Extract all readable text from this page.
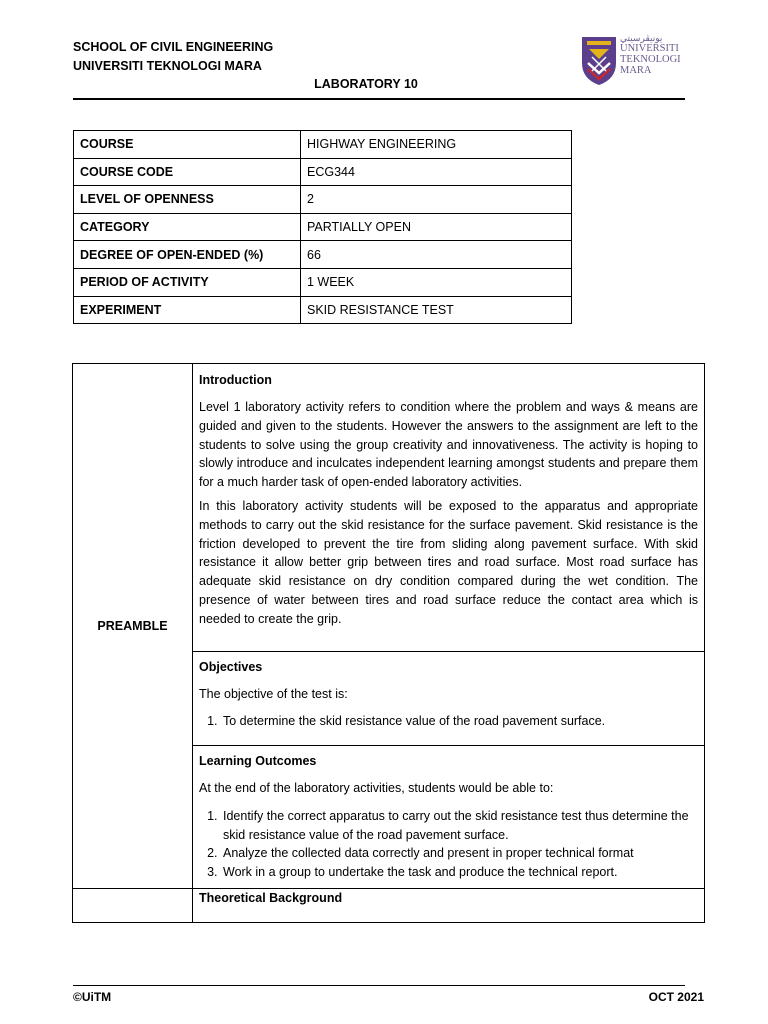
SCHOOL OF CIVIL ENGINEERING
UNIVERSITI TEKNOLOGI MARA
LABORATORY 10
ﯾﻮﻧﯿﭭﺮﺳﯿﺘﻲ
UNIVERSITI
TEKNOLOGI
MARA
COURSE	HIGHWAY ENGINEERING
COURSE CODE	ECG344
LEVEL OF OPENNESS	2
CATEGORY	PARTIALLY OPEN
DEGREE OF OPEN-ENDED (%)	66
PERIOD OF ACTIVITY	1 WEEK
EXPERIMENT	SKID RESISTANCE TEST
PREAMBLE
Introduction

Level 1 laboratory activity refers to condition where the problem and ways & means are guided and given to the students. However the answers to the assignment are left to the students to solve using the group creativity and innovativeness. The activity is hoping to slowly introduce and inculcates independent learning amongst students and prepare them for a much harder task of open-ended laboratory activities.

In this laboratory activity students will be exposed to the apparatus and appropriate methods to carry out the skid resistance for the surface pavement. Skid resistance is the friction developed to prevent the tire from sliding along pavement surface. With skid resistance it allow better grip between tires and road surface. Most road surface has adequate skid resistance on dry condition compared during the wet condition. The presence of water between tires and road surface reduce the contact area which is needed to create the grip.

Objectives

The objective of the test is:

1. To determine the skid resistance value of the road pavement surface.
Learning Outcomes

At the end of the laboratory activities, students would be able to:

1. Identify the correct apparatus to carry out the skid resistance test thus determine the skid resistance value of the road pavement surface.
2. Analyze the collected data correctly and present in proper technical format
3. Work in a group to undertake the task and produce the technical report.
Theoretical Background
©UiTM	OCT 2021
